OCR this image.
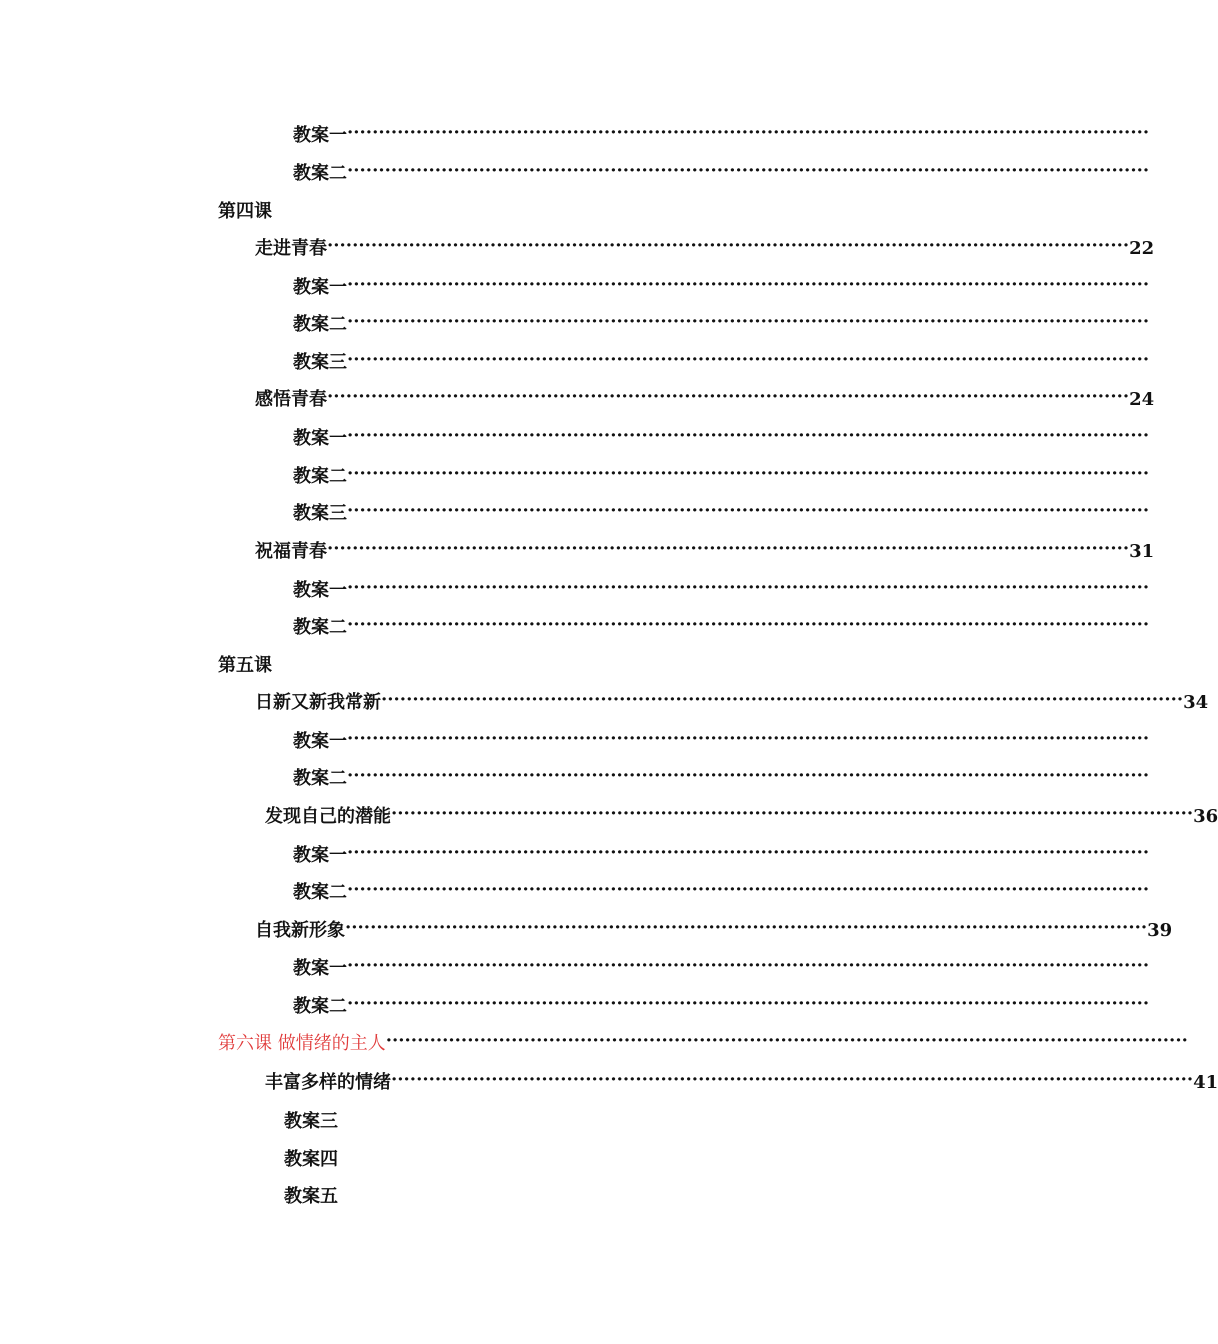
教案一 ································································································································
教案二 ································································································································
第四课
走进青春 ································································································································ 22
教案一 ································································································································
教案二 ································································································································
教案三 ································································································································
感悟青春 ································································································································ 24
教案一 ································································································································
教案二 ································································································································
教案三 ································································································································
祝福青春 ································································································································ 31
教案一 ································································································································
教案二 ································································································································
第五课
日新又新我常新 ································································································································ 34
教案一 ································································································································
教案二 ································································································································
发现自己的潜能 ································································································································ 36
教案一 ································································································································
教案二 ································································································································
自我新形象 ································································································································ 39
教案一 ································································································································
教案二 ································································································································
第六课 做情绪的主人 ································································································································
丰富多样的情绪 ································································································································ 41
教案三
教案四
教案五
